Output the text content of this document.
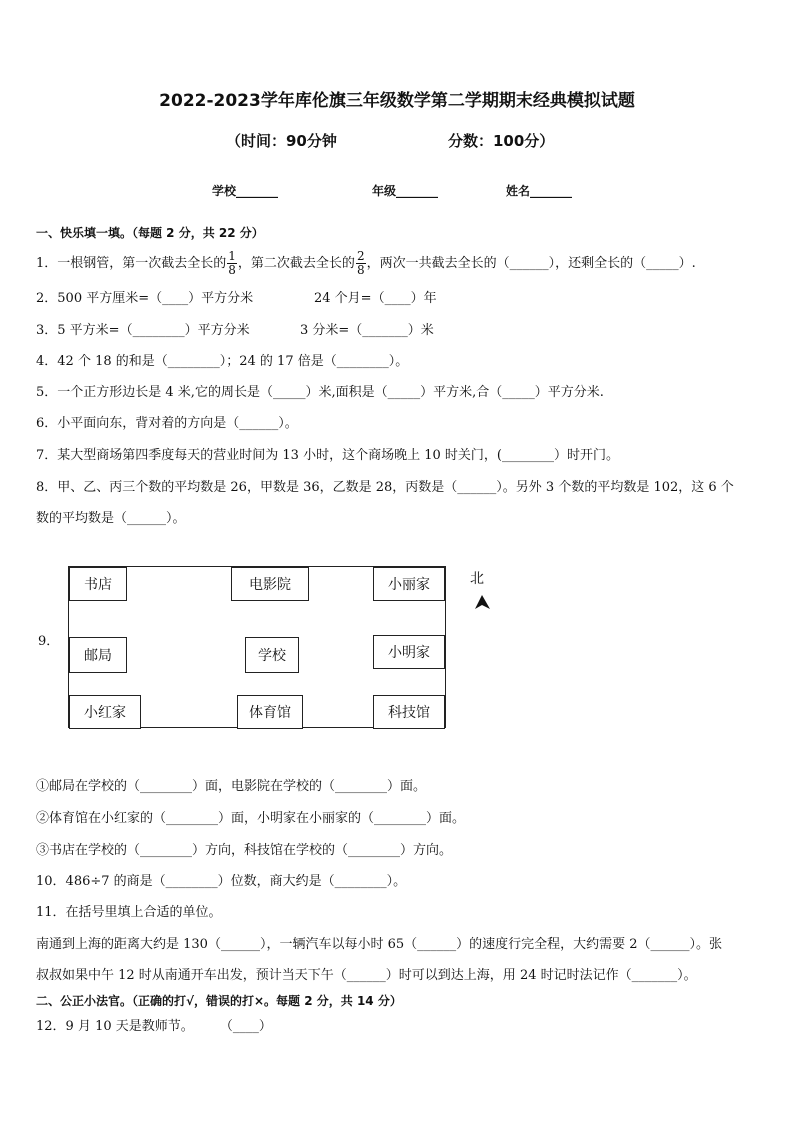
2022-2023学年库伦旗三年级数学第二学期期末经典模拟试题
（时间：90分钟	分数：100分）
学校_______	年级_______	姓名_______
一、快乐填一填。（每题 2 分，共 22 分）
1．一根钢管，第一次截去全长的 $\frac{1}{8}$ ，第二次截去全长的 $\frac{2}{8}$ ，两次一共截去全长的（______），还剩全长的（_____）.
2．500 平方厘米=（____）平方分米	24 个月=（____）年
3．5 平方米=（________）平方分米	3 分米=（_______）米
4．42 个 18 的和是（________）；24 的 17 倍是（________）。
5．一个正方形边长是 4 米,它的周长是（_____）米,面积是（_____）平方米,合（_____）平方分米.
6．小平面向东，背对着的方向是（______）。
7．某大型商场第四季度每天的营业时间为 13 小时，这个商场晚上 10 时关门，(________）时开门。
8．甲、乙、丙三个数的平均数是 26，甲数是 36，乙数是 28，丙数是（______）。另外 3 个数的平均数是 102，这 6 个
数的平均数是（______）。
9．
书店	电影院	小丽家
邮局	学校	小明家
小红家	体育馆	科技馆
北
①邮局在学校的（________）面，电影院在学校的（________）面。
②体育馆在小红家的（________）面，小明家在小丽家的（________）面。
③书店在学校的（________）方向，科技馆在学校的（________）方向。
10．486÷7 的商是（________）位数，商大约是（________）。
11．在括号里填上合适的单位。
南通到上海的距离大约是 130（______），一辆汽车以每小时 65（______）的速度行完全程，大约需要 2（______）。张
叔叔如果中午 12 时从南通开车出发，预计当天下午（______）时可以到达上海，用 24 时记时法记作（_______）。
二、公正小法官。（正确的打√，错误的打×。每题 2 分，共 14 分）
12．9 月 10 天是教师节。 （____）
